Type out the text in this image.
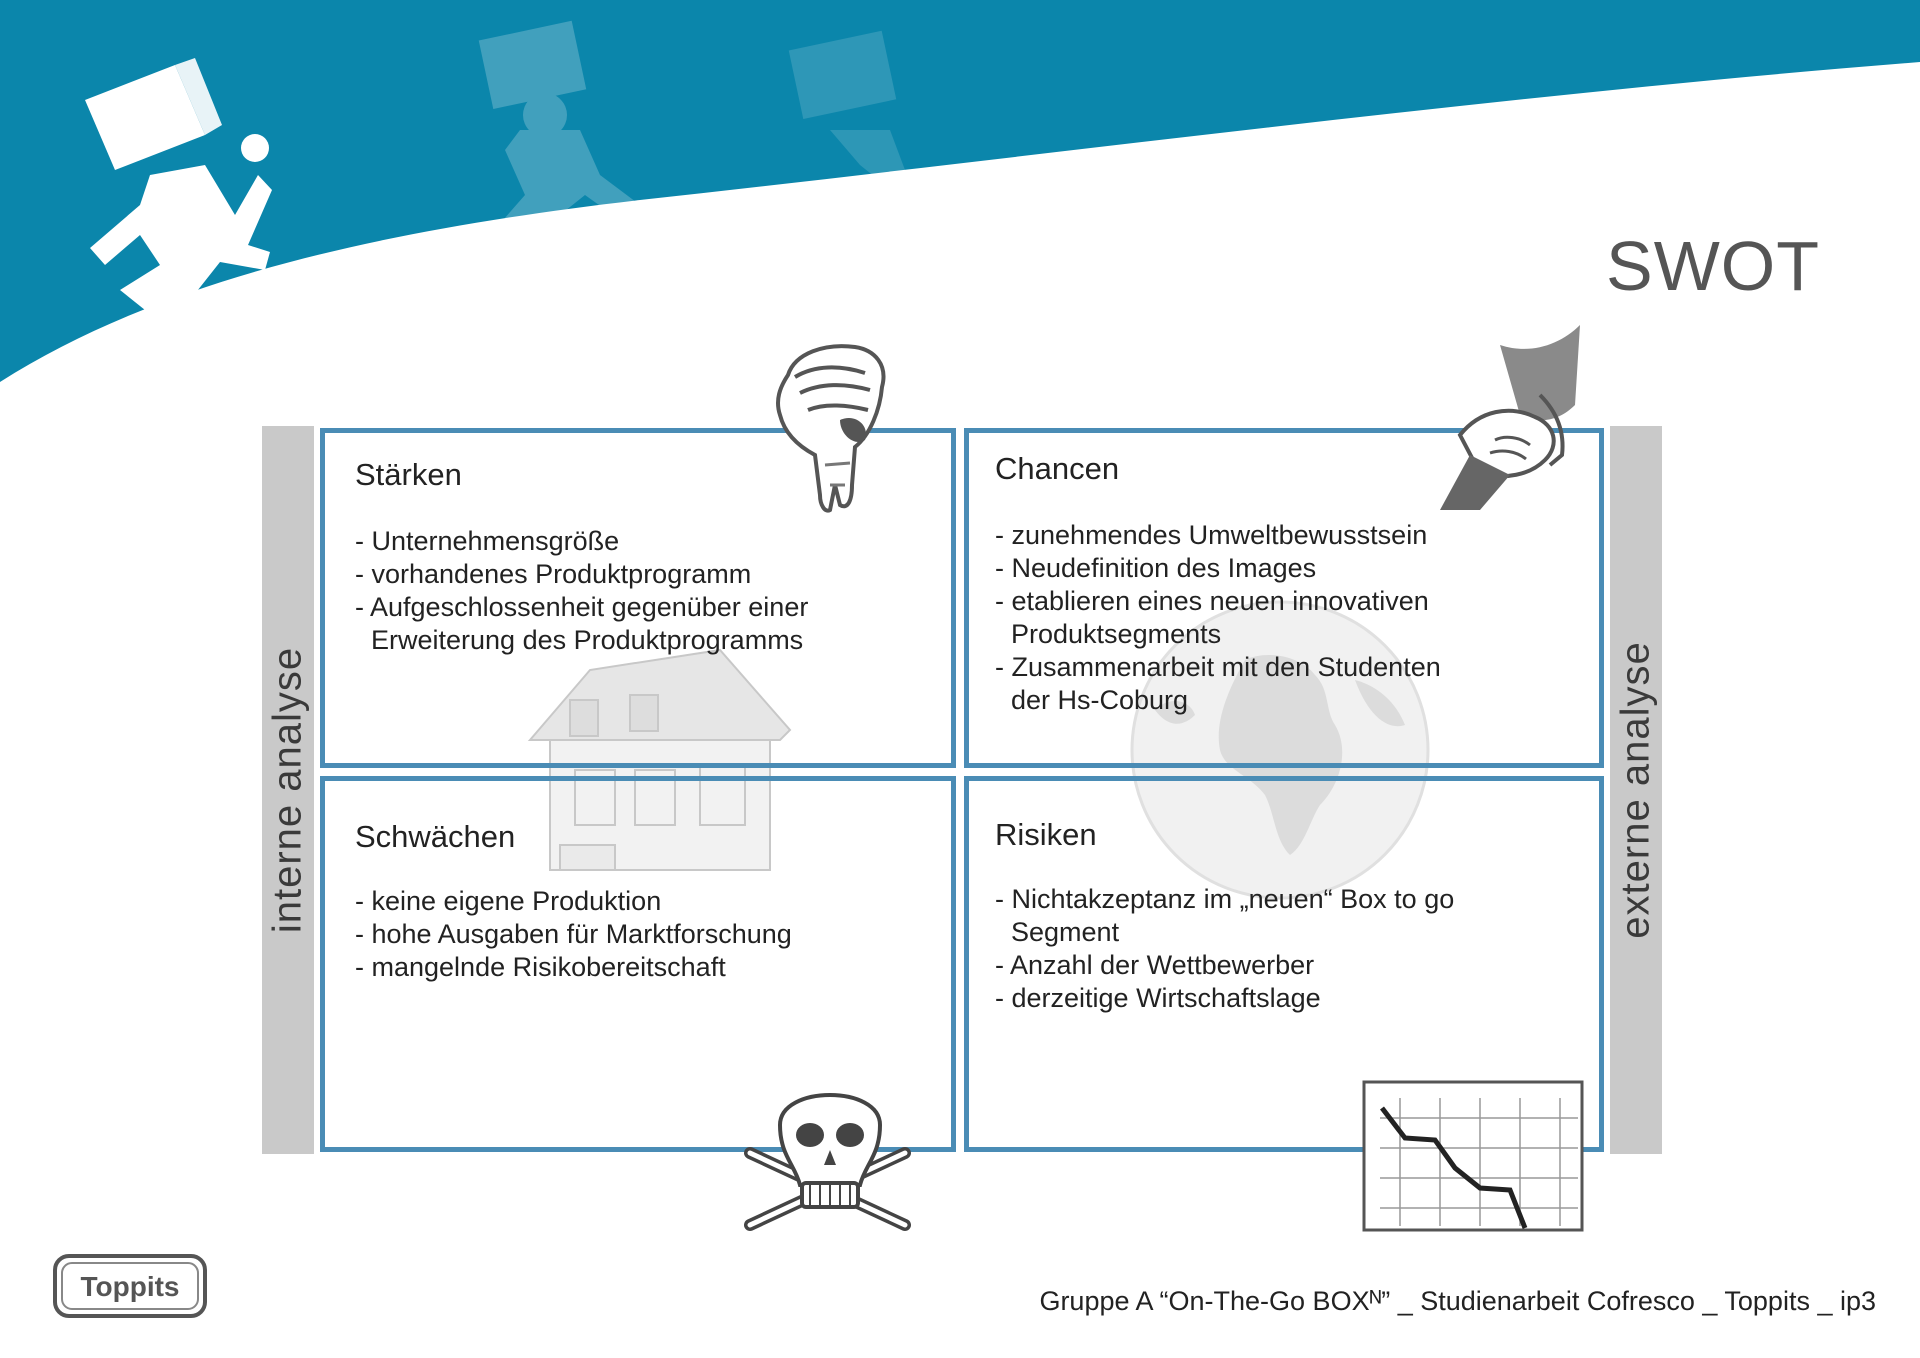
SWOT
interne analyse	externe analyse
Stärken
- Unternehmensgröße
- vorhandenes Produktprogramm
- Aufgeschlossenheit gegenüber einer Erweiterung des Produktprogramms
Chancen
- zunehmendes Umweltbewusstsein
- Neudefinition des Images
- etablieren eines neuen innovativen Produktsegments
- Zusammenarbeit mit den Studenten der Hs-Coburg
Schwächen
- keine eigene Produktion
- hohe Ausgaben für Marktforschung
- mangelnde Risikobereitschaft
Risiken
- Nichtakzeptanz im „neuen“ Box to go Segment
- Anzahl der Wettbewerber
- derzeitige Wirtschaftslage
Toppits	Gruppe A “On-The-Go BOXᴺ” _ Studienarbeit Cofresco _ Toppits _ ip3
